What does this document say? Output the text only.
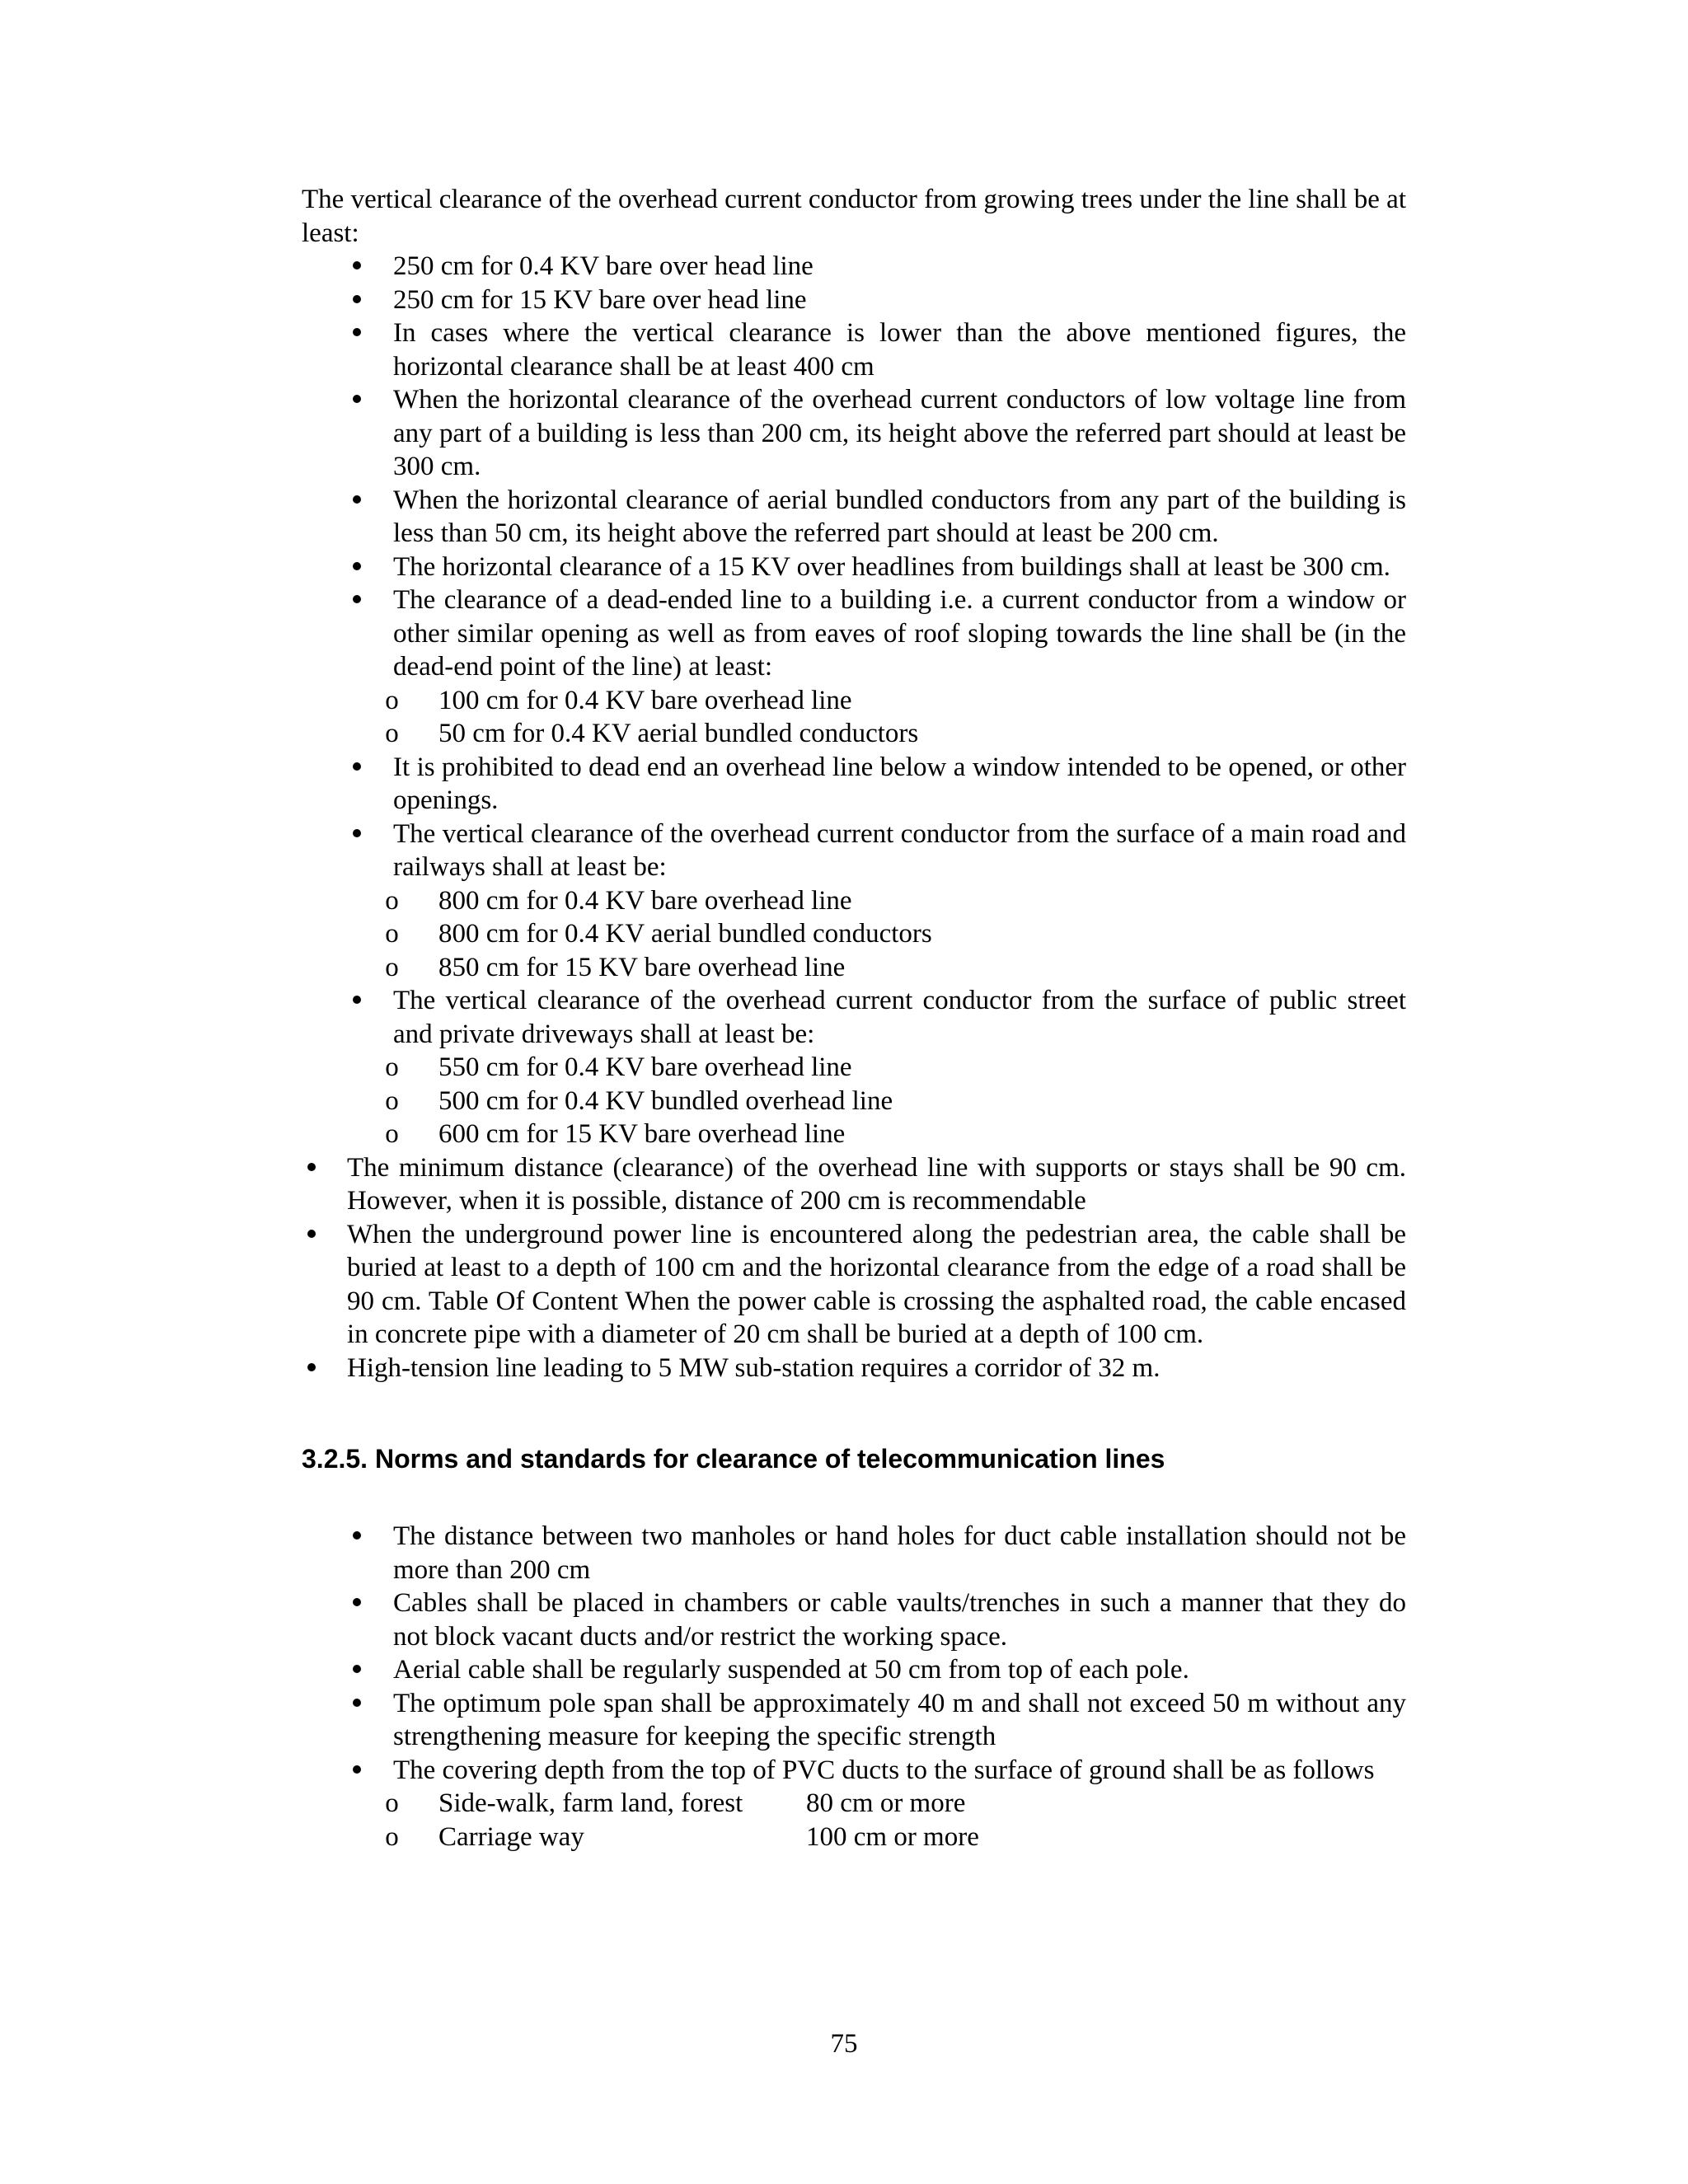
The vertical clearance of the overhead current conductor from growing trees under the line shall be at least:

250 cm for 0.4 KV bare over head line
250 cm for 15 KV bare over head line
In cases where the vertical clearance is lower than the above mentioned figures, the horizontal clearance shall be at least 400 cm
When the horizontal clearance of the overhead current conductors of low voltage line from any part of a building is less than 200 cm, its height above the referred part should at least be 300 cm.
When the horizontal clearance of aerial bundled conductors from any part of the building is less than 50 cm, its height above the referred part should at least be 200 cm.
The horizontal clearance of a 15 KV over headlines from buildings shall at least be 300 cm.
The clearance of a dead-ended line to a building i.e. a current conductor from a window or other similar opening as well as from eaves of roof sloping towards the line shall be (in the dead-end point of the line) at least:
o	100 cm for 0.4 KV bare overhead line
o	50 cm for 0.4 KV aerial bundled conductors
It is prohibited to dead end an overhead line below a window intended to be opened, or other openings.
The vertical clearance of the overhead current conductor from the surface of a main road and railways shall at least be:
o	800 cm for 0.4 KV bare overhead line
o	800 cm for 0.4 KV aerial bundled conductors
o	850 cm for 15 KV bare overhead line
The vertical clearance of the overhead current conductor from the surface of public street and private driveways shall at least be:
o	550 cm for 0.4 KV bare overhead line
o	500 cm for 0.4 KV bundled overhead line
o	600 cm for 15 KV bare overhead line
The minimum distance (clearance) of the overhead line with supports or stays shall be 90 cm. However, when it is possible, distance of 200 cm is recommendable
When the underground power line is encountered along the pedestrian area, the cable shall be buried at least to a depth of 100 cm and the horizontal clearance from the edge of a road shall be 90 cm. Table Of Content When the power cable is crossing the asphalted road, the cable encased in concrete pipe with a diameter of 20 cm shall be buried at a depth of 100 cm.
High-tension line leading to 5 MW sub-station requires a corridor of 32 m.
3.2.5. Norms and standards for clearance of telecommunication lines
The distance between two manholes or hand holes for duct cable installation should not be more than 200 cm
Cables shall be placed in chambers or cable vaults/trenches in such a manner that they do not block vacant ducts and/or restrict the working space.
Aerial cable shall be regularly suspended at 50 cm from top of each pole.
The optimum pole span shall be approximately 40 m and shall not exceed 50 m without any strengthening measure for keeping the specific strength
The covering depth from the top of PVC ducts to the surface of ground shall be as follows
o	Side-walk, farm land, forest	80 cm or more
o	Carriage way	100 cm or more
75
